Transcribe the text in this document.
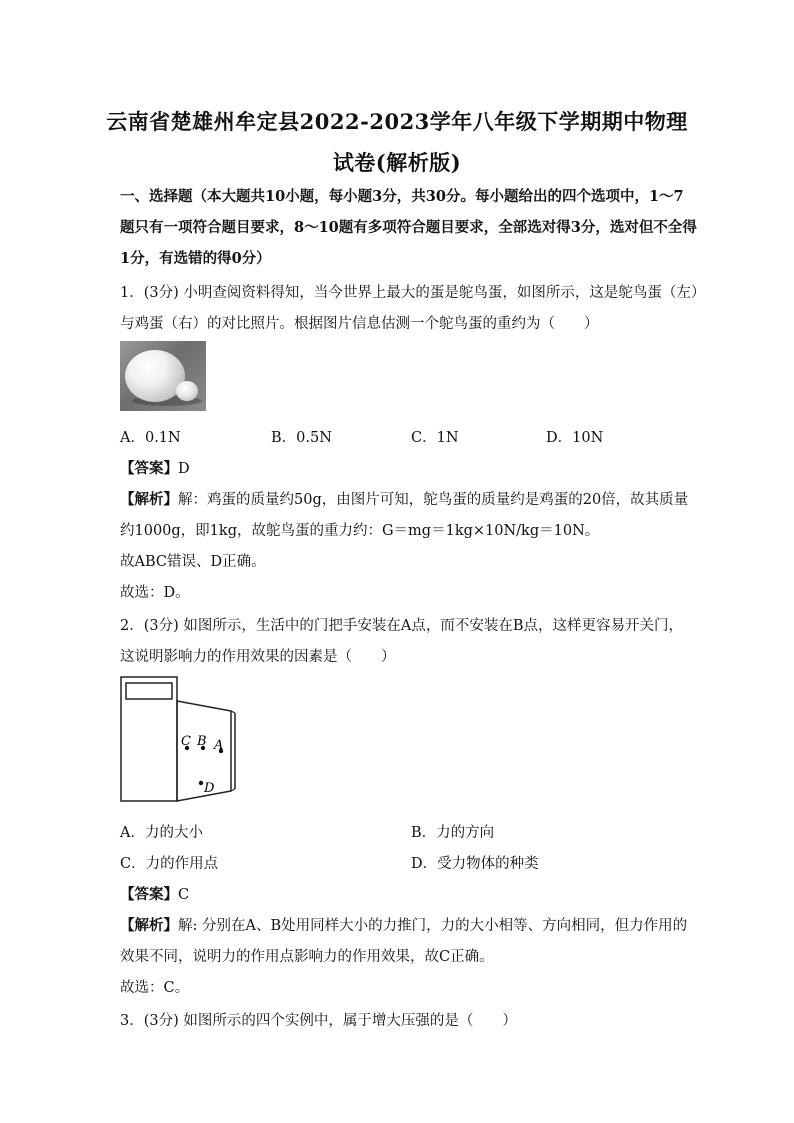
云南省楚雄州牟定县2022-2023学年八年级下学期期中物理
试卷(解析版)
一、选择题（本大题共10小题，每小题3分，共30分。每小题给出的四个选项中，1～7
题只有一项符合题目要求，8～10题有多项符合题目要求，全部选对得3分，选对但不全得
1分，有选错的得0分）
1．(3分) 小明查阅资料得知，当今世界上最大的蛋是鸵鸟蛋，如图所示，这是鸵鸟蛋（左）
与鸡蛋（右）的对比照片。根据图片信息估测一个鸵鸟蛋的重约为（　　）
A．0.1N	B．0.5N	C．1N	D．10N
【答案】D
【解析】解：鸡蛋的质量约50g，由图片可知，鸵鸟蛋的质量约是鸡蛋的20倍，故其质量
约1000g，即1kg，故鸵鸟蛋的重力约：G＝mg＝1kg×10N/kg＝10N。
故ABC错误、D正确。
故选：D。
2．(3分) 如图所示，生活中的门把手安装在A点，而不安装在B点，这样更容易开关门，
这说明影响力的作用效果的因素是（　　）
C B A
D
A．力的大小	B．力的方向
C．力的作用点	D．受力物体的种类
【答案】C
【解析】解: 分别在A、B处用同样大小的力推门，力的大小相等、方向相同，但力作用的
效果不同，说明力的作用点影响力的作用效果，故C正确。
故选：C。
3．(3分) 如图所示的四个实例中，属于增大压强的是（　　）
